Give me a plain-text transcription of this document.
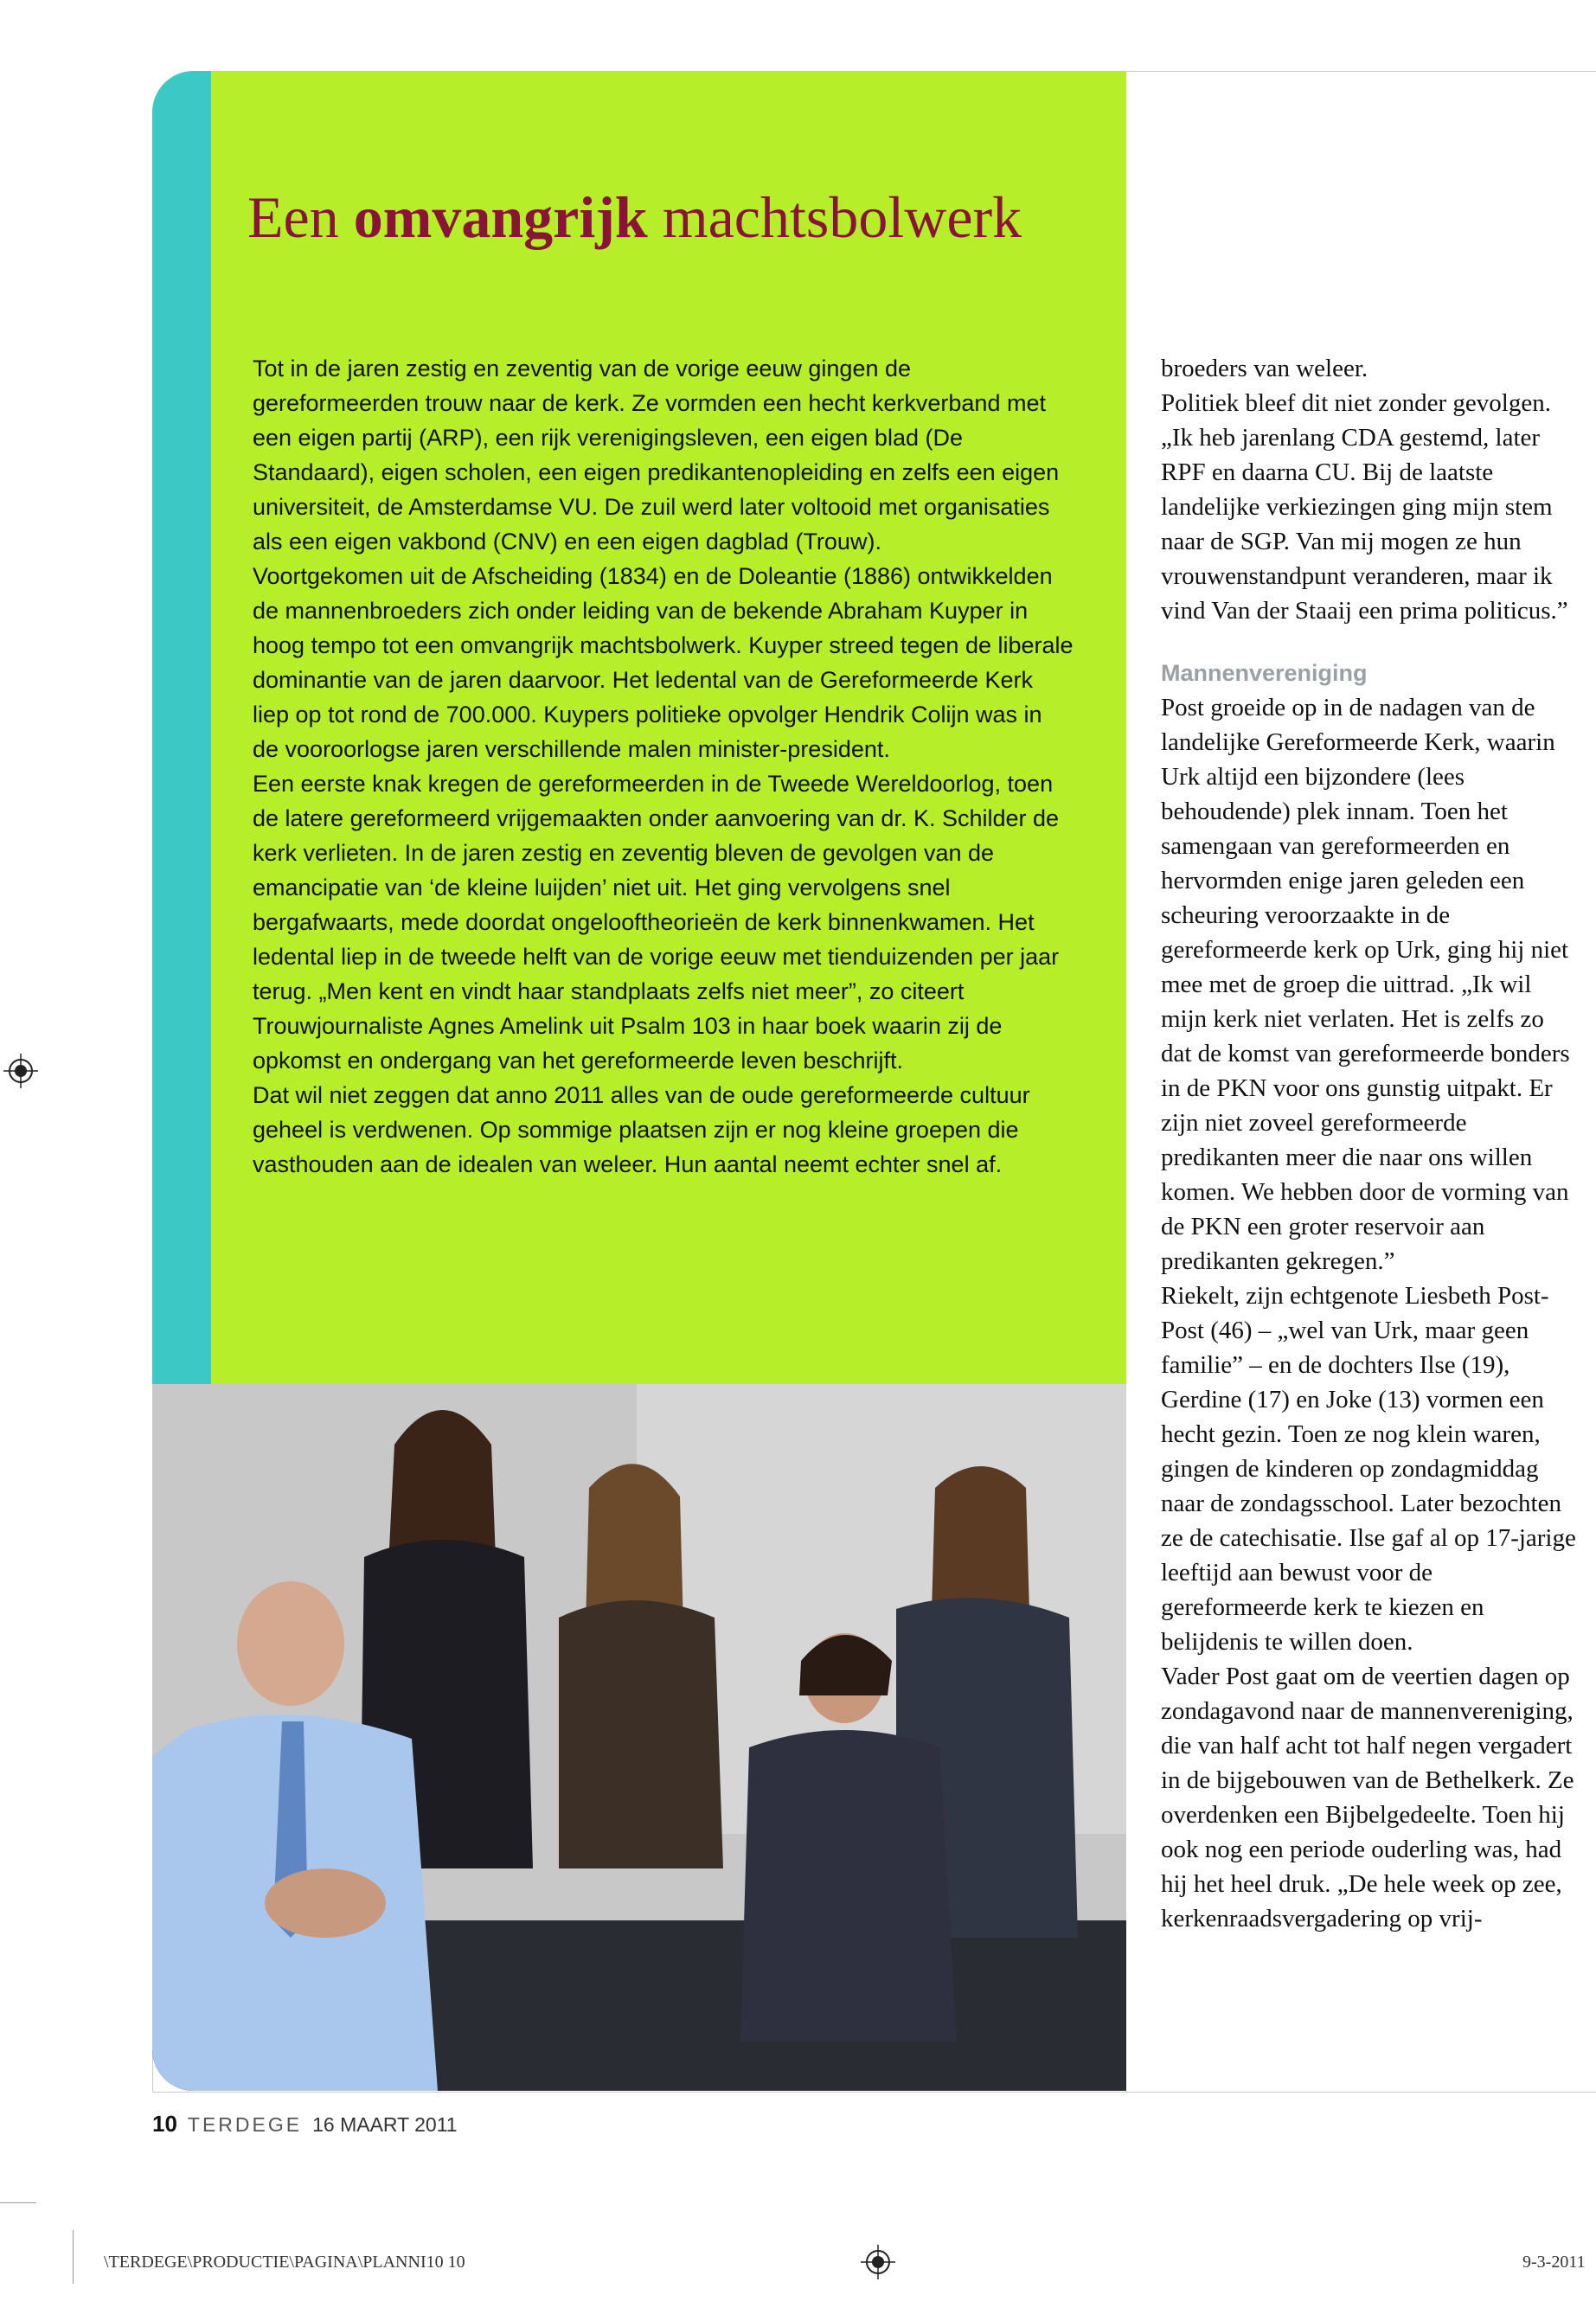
Een omvangrijk machtsbolwerk

Tot in de jaren zestig en zeventig van de vorige eeuw gingen de gereformeerden trouw naar de kerk. Ze vormden een hecht kerkverband met een eigen partij (ARP), een rijk verenigingsleven, een eigen blad (De Standaard), eigen scholen, een eigen predikantenopleiding en zelfs een eigen universiteit, de Amsterdamse VU. De zuil werd later voltooid met organisaties als een eigen vakbond (CNV) en een eigen dagblad (Trouw).

Voortgekomen uit de Afscheiding (1834) en de Doleantie (1886) ontwikkelden de mannenbroeders zich onder leiding van de bekende Abraham Kuyper in hoog tempo tot een omvangrijk machtsbolwerk. Kuyper streed tegen de liberale dominantie van de jaren daarvoor. Het ledental van de Gereformeerde Kerk liep op tot rond de 700.000. Kuypers politieke opvolger Hendrik Colijn was in de vooroorlogse jaren verschillende malen minister-president.

Een eerste knak kregen de gereformeerden in de Tweede Wereldoorlog, toen de latere gereformeerd vrijgemaakten onder aanvoering van dr. K. Schilder de kerk verlieten. In de jaren zestig en zeventig bleven de gevolgen van de emancipatie van ‘de kleine luijden’ niet uit. Het ging vervolgens snel bergafwaarts, mede doordat ongelooftheorieën de kerk binnenkwamen. Het ledental liep in de tweede helft van de vorige eeuw met tienduizenden per jaar terug. „Men kent en vindt haar standplaats zelfs niet meer”, zo citeert Trouwjournaliste Agnes Amelink uit Psalm 103 in haar boek waarin zij de opkomst en ondergang van het gereformeerde leven beschrijft.

Dat wil niet zeggen dat anno 2011 alles van de oude gereformeerde cultuur geheel is verdwenen. Op sommige plaatsen zijn er nog kleine groepen die vasthouden aan de idealen van weleer. Hun aantal neemt echter snel af.

broeders van weleer.

Politiek bleef dit niet zonder gevolgen. „Ik heb jarenlang CDA gestemd, later RPF en daarna CU. Bij de laatste landelijke verkiezingen ging mijn stem naar de SGP. Van mij mogen ze hun vrouwenstandpunt veranderen, maar ik vind Van der Staaij een prima politicus.”

Mannenvereniging

Post groeide op in de nadagen van de landelijke Gereformeerde Kerk, waarin Urk altijd een bijzondere (lees behoudende) plek innam. Toen het samengaan van gereformeerden en hervormden enige jaren geleden een scheuring veroorzaakte in de gereformeerde kerk op Urk, ging hij niet mee met de groep die uittrad. „Ik wil mijn kerk niet verlaten. Het is zelfs zo dat de komst van gereformeerde bonders in de PKN voor ons gunstig uitpakt. Er zijn niet zoveel gereformeerde predikanten meer die naar ons willen komen. We hebben door de vorming van de PKN een groter reservoir aan predikanten gekregen.”

Riekelt, zijn echtgenote Liesbeth Post-Post (46) – „wel van Urk, maar geen familie” – en de dochters Ilse (19), Gerdine (17) en Joke (13) vormen een hecht gezin. Toen ze nog klein waren, gingen de kinderen op zondagmiddag naar de zondagsschool. Later bezochten ze de catechisatie. Ilse gaf al op 17-jarige leeftijd aan bewust voor de gereformeerde kerk te kiezen en belijdenis te willen doen.

Vader Post gaat om de veertien dagen op zondagavond naar de mannenvereniging, die van half acht tot half negen vergadert in de bijgebouwen van de Bethelkerk. Ze overdenken een Bijbelgedeelte. Toen hij ook nog een periode ouderling was, had hij het heel druk. „De hele week op zee, kerkenraadsvergadering op vrij-

10 TERDEGE 16 MAART 2011
\TERDEGE\PRODUCTIE\PAGINA\PLANNI10 10	9-3-2011
